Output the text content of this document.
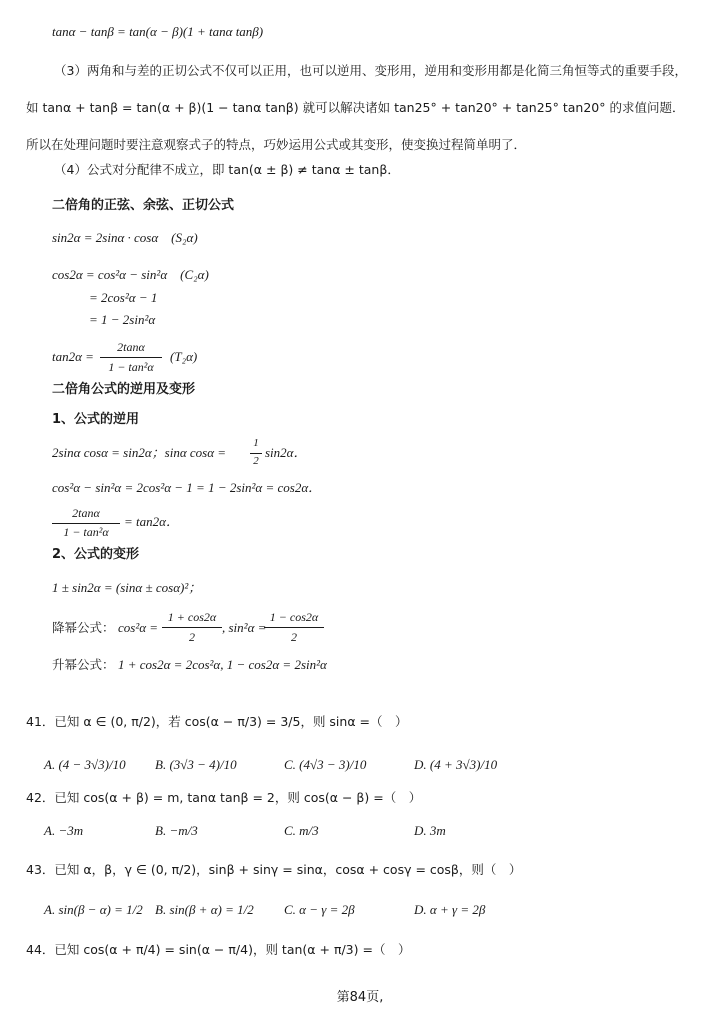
tanα − tanβ = tan(α − β)(1 + tanα tanβ)
（3）两角和与差的正切公式不仅可以正用，也可以逆用、变形用，逆用和变形用都是化简三角恒等式的重要手段，如 tanα + tanβ = tan(α + β)(1 − tanα tanβ) 就可以解决诸如 tan25° + tan20° + tan25° tan20° 的求值问题．所以在处理问题时要注意观察式子的特点，巧妙运用公式或其变形，使变换过程简单明了．
（4）公式对分配律不成立，即 tan(α ± β) ≠ tanα ± tanβ．
二倍角的正弦、余弦、正切公式
sin2α = 2sinα · cosα　(S₂α)
cos2α = cos²α − sin²α　(C₂α)
= 2cos²α − 1
= 1 − 2sin²α
tan2α =
2tanα
1 − tan²α
(T₂α)
二倍角公式的逆用及变形
1、公式的逆用
2sinα cosα = sin2α；sinα cosα =
1
2
sin2α．
cos²α − sin²α = 2cos²α − 1 = 1 − 2sin²α = cos2α．
2tanα
1 − tan²α
= tan2α．
2、公式的变形
1 ± sin2α = (sinα ± cosα)²；
降幂公式： cos²α =
1 + cos2α
2
, sin²α =
1 − cos2α
2
升幂公式： 1 + cos2α = 2cos²α, 1 − cos2α = 2sin²α
41．已知 α ∈ (0, π/2)，若 cos(α − π/3) = 3/5，则 sinα =（　）
A. (4 − 3√3)/10 B. (3√3 − 4)/10	C. (4√3 − 3)/10	D. (4 + 3√3)/10
42．已知 cos(α + β) = m, tanα tanβ = 2，则 cos(α − β) =（　）
A. −3m	B. −m/3	C. m/3	D. 3m
43．已知 α，β，γ ∈ (0, π/2)，sinβ + sinγ = sinα，cosα + cosγ = cosβ，则（　）
A. sin(β − α) = 1/2 B. sin(β + α) = 1/2 C. α − γ = 2β	D. α + γ = 2β
44．已知 cos(α + π/4) = sin(α − π/4)，则 tan(α + π/3) =（　）
第84页,
